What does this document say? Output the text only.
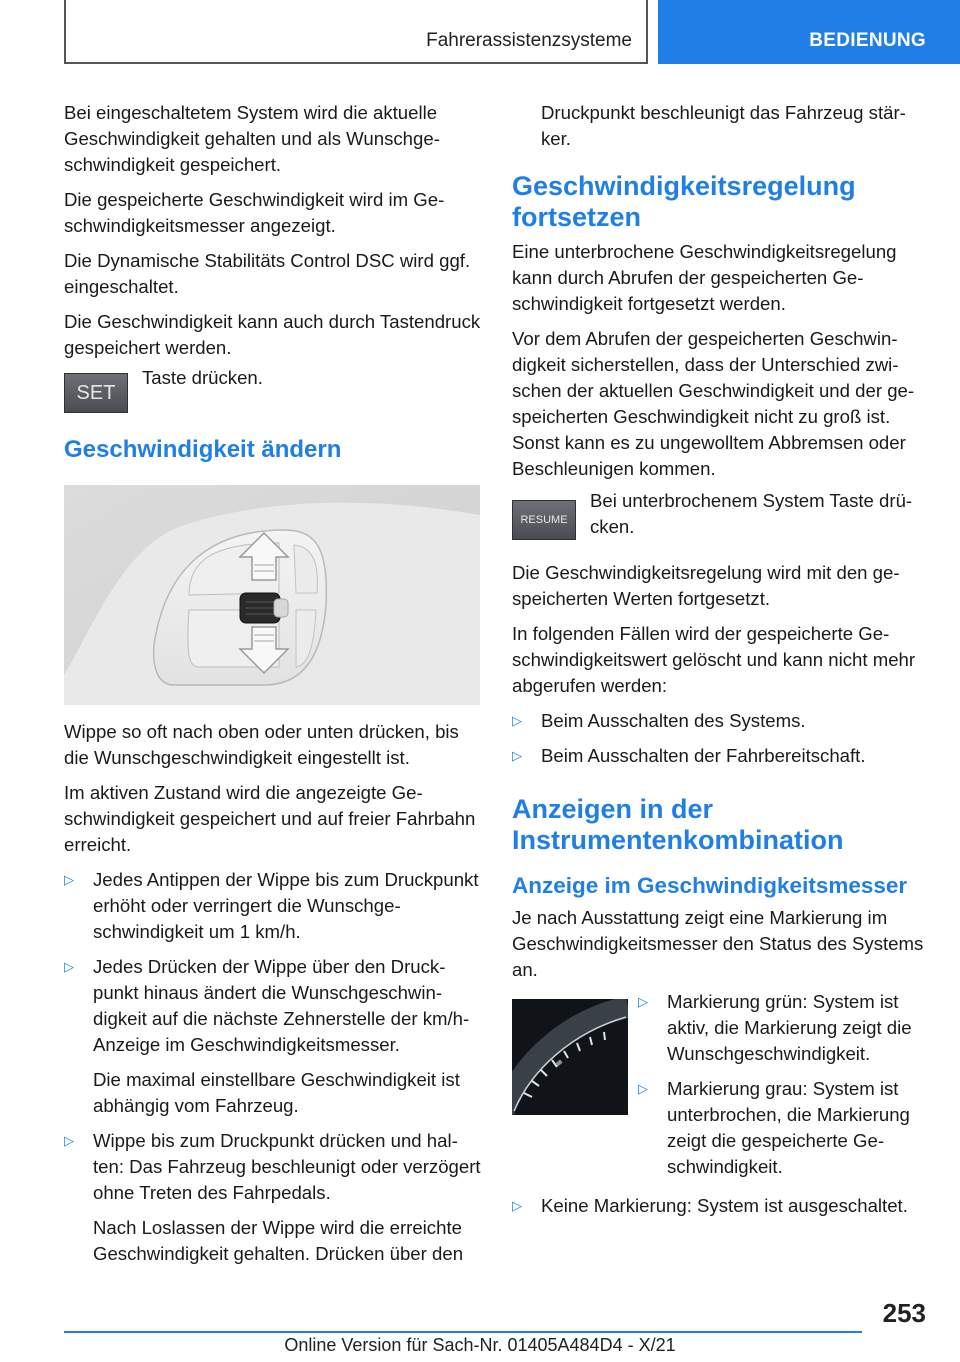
Fahrerassistenzsysteme	BEDIENUNG

Bei eingeschaltetem System wird die aktuelle Geschwindigkeit gehalten und als Wunschgeschwindigkeit gespeichert.

Die gespeicherte Geschwindigkeit wird im Geschwindigkeitsmesser angezeigt.

Die Dynamische Stabilitäts Control DSC wird ggf. eingeschaltet.

Die Geschwindigkeit kann auch durch Tastendruck gespeichert werden.

SET
Taste drücken.
Geschwindigkeit ändern

Wippe so oft nach oben oder unten drücken, bis die Wunschgeschwindigkeit eingestellt ist.

Im aktiven Zustand wird die angezeigte Geschwindigkeit gespeichert und auf freier Fahrbahn erreicht.

▷ Jedes Antippen der Wippe bis zum Druckpunkt erhöht oder verringert die Wunschgeschwindigkeit um 1 km/h.
▷ Jedes Drücken der Wippe über den Druckpunkt hinaus ändert die Wunschgeschwindigkeit auf die nächste Zehnerstelle der km/h-Anzeige im Geschwindigkeitsmesser.
Die maximal einstellbare Geschwindigkeit ist abhängig vom Fahrzeug.
▷ Wippe bis zum Druckpunkt drücken und halten: Das Fahrzeug beschleunigt oder verzögert ohne Treten des Fahrpedals.
Nach Loslassen der Wippe wird die erreichte Geschwindigkeit gehalten. Drücken über den

Druckpunkt beschleunigt das Fahrzeug stärker.

Geschwindigkeitsregelung fortsetzen

Eine unterbrochene Geschwindigkeitsregelung kann durch Abrufen der gespeicherten Geschwindigkeit fortgesetzt werden.

Vor dem Abrufen der gespeicherten Geschwindigkeit sicherstellen, dass der Unterschied zwischen der aktuellen Geschwindigkeit und der gespeicherten Geschwindigkeit nicht zu groß ist. Sonst kann es zu ungewolltem Abbremsen oder Beschleunigen kommen.

RESUME
Bei unterbrochenem System Taste drücken.

Die Geschwindigkeitsregelung wird mit den gespeicherten Werten fortgesetzt.

In folgenden Fällen wird der gespeicherte Geschwindigkeitswert gelöscht und kann nicht mehr abgerufen werden:

▷ Beim Ausschalten des Systems.
▷ Beim Ausschalten der Fahrbereitschaft.
Anzeigen in der Instrumentenkombination
Anzeige im Geschwindigkeitsmesser

Je nach Ausstattung zeigt eine Markierung im Geschwindigkeitsmesser den Status des Systems an.

▷ Markierung grün: System ist aktiv, die Markierung zeigt die Wunschgeschwindigkeit.
▷ Markierung grau: System ist unterbrochen, die Markierung zeigt die gespeicherte Geschwindigkeit.
▷ Keine Markierung: System ist ausgeschaltet.
253
Online Version für Sach-Nr. 01405A484D4 - X/21
